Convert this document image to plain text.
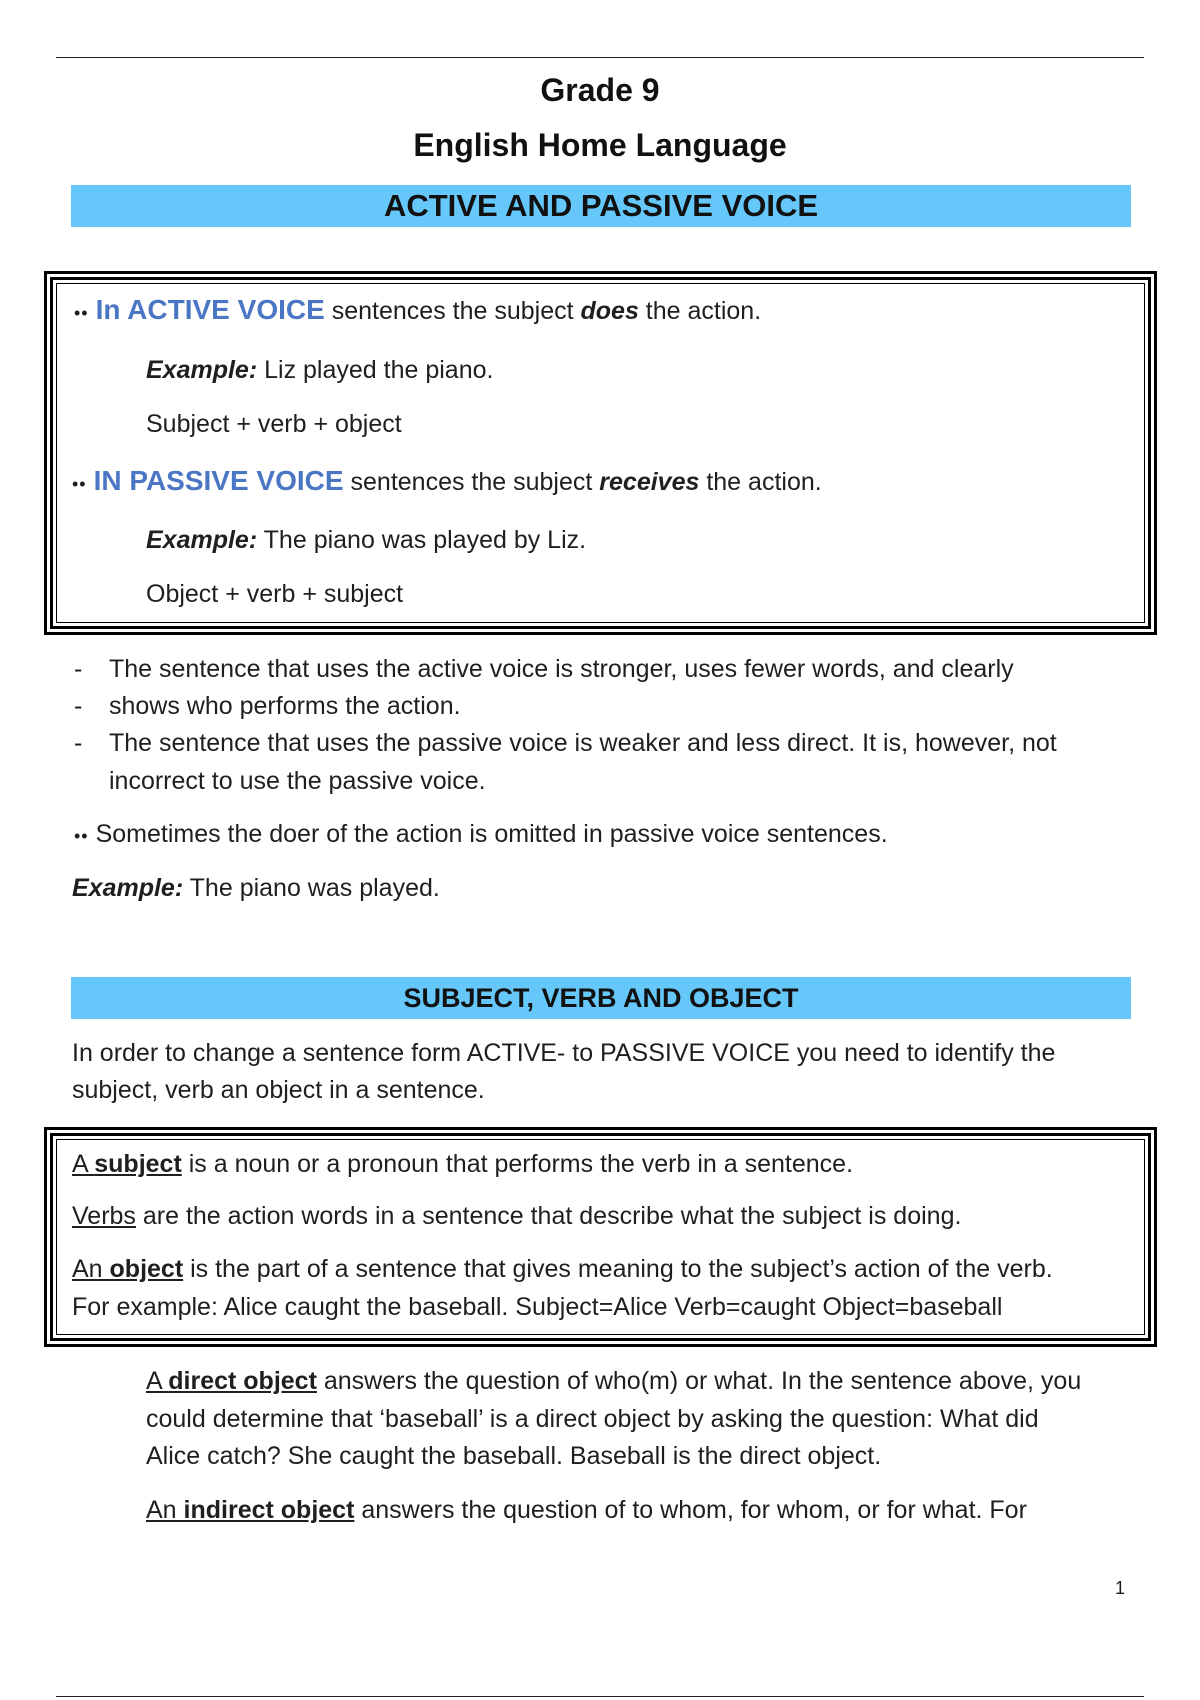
Grade 9
English Home Language
ACTIVE AND PASSIVE VOICE
•• In ACTIVE VOICE sentences the subject does the action.
Example: Liz played the piano.
Subject + verb + object
•• IN PASSIVE VOICE sentences the subject receives the action.
Example: The piano was played by Liz.
Object + verb + subject
- The sentence that uses the active voice is stronger, uses fewer words, and clearly
- shows who performs the action.
- The sentence that uses the passive voice is weaker and less direct. It is, however, not
incorrect to use the passive voice.
•• Sometimes the doer of the action is omitted in passive voice sentences.
Example: The piano was played.
SUBJECT, VERB AND OBJECT
In order to change a sentence form ACTIVE- to PASSIVE VOICE you need to identify the
subject, verb an object in a sentence.
A subject is a noun or a pronoun that performs the verb in a sentence.
Verbs are the action words in a sentence that describe what the subject is doing.
An object is the part of a sentence that gives meaning to the subject’s action of the verb.
For example: Alice caught the baseball. Subject=Alice Verb=caught Object=baseball
A direct object answers the question of who(m) or what. In the sentence above, you
could determine that ‘baseball’ is a direct object by asking the question: What did
Alice catch? She caught the baseball. Baseball is the direct object.
An indirect object answers the question of to whom, for whom, or for what. For
1
